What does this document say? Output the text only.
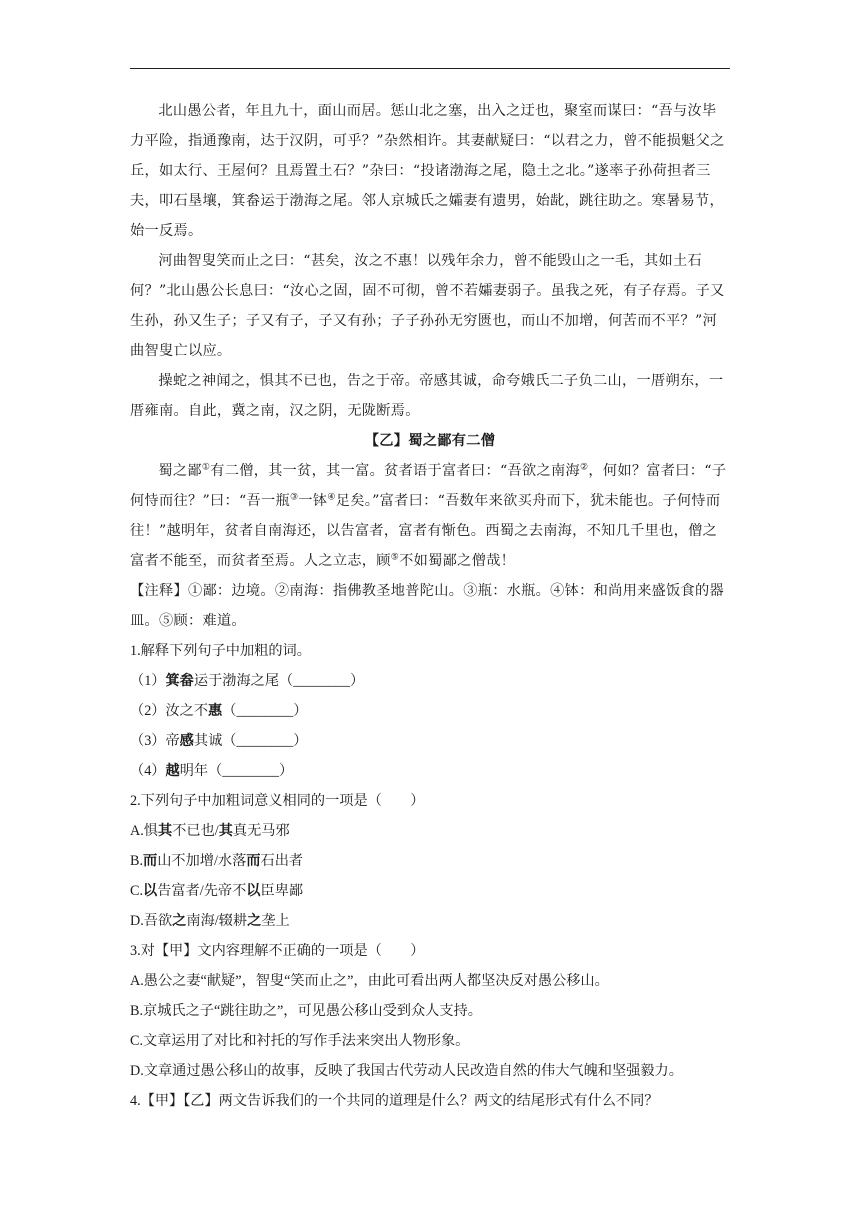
北山愚公者，年且九十，面山而居。惩山北之塞，出入之迂也，聚室而谋曰：“吾与汝毕力平险，指通豫南，达于汉阴，可乎？”杂然相许。其妻献疑曰：“以君之力，曾不能损魁父之丘，如太行、王屋何？且焉置土石？”杂曰：“投诸渤海之尾，隐土之北。”遂率子孙荷担者三夫，叩石垦壤，箕畚运于渤海之尾。邻人京城氏之孀妻有遗男，始龀，跳往助之。寒暑易节，始一反焉。

河曲智叟笑而止之曰：“甚矣，汝之不惠！以残年余力，曾不能毁山之一毛，其如土石何？”北山愚公长息曰：“汝心之固，固不可彻，曾不若孀妻弱子。虽我之死，有子存焉。子又生孙，孙又生子；子又有子，子又有孙；子子孙孙无穷匮也，而山不加增，何苦而不平？”河曲智叟亡以应。

操蛇之神闻之，惧其不已也，告之于帝。帝感其诚，命夸娥氏二子负二山，一厝朔东，一厝雍南。自此，冀之南，汉之阴，无陇断焉。

【乙】蜀之鄙有二僧

蜀之鄙①有二僧，其一贫，其一富。贫者语于富者曰：“吾欲之南海②，何如？富者曰：“子何恃而往？”曰：“吾一瓶③一钵④足矣。”富者曰：“吾数年来欲买舟而下，犹未能也。子何恃而往！”越明年，贫者自南海还，以告富者，富者有惭色。西蜀之去南海，不知几千里也，僧之富者不能至，而贫者至焉。人之立志，顾⑤不如蜀鄙之僧哉！

【注释】①鄙：边境。②南海：指佛教圣地普陀山。③瓶：水瓶。④钵：和尚用来盛饭食的器皿。⑤顾：难道。

1.解释下列句子中加粗的词。

（1）箕畚运于渤海之尾（________）

（2）汝之不惠（________）

（3）帝感其诚（________）

（4）越明年（________）

2.下列句子中加粗词意义相同的一项是（　　）

A.惧其不已也/其真无马邪

B.而山不加增/水落而石出者

C.以告富者/先帝不以臣卑鄙

D.吾欲之南海/辍耕之垄上

3.对【甲】文内容理解不正确的一项是（　　）

A.愚公之妻“献疑”，智叟“笑而止之”，由此可看出两人都坚决反对愚公移山。

B.京城氏之子“跳往助之”，可见愚公移山受到众人支持。

C.文章运用了对比和衬托的写作手法来突出人物形象。

D.文章通过愚公移山的故事，反映了我国古代劳动人民改造自然的伟大气魄和坚强毅力。

4.【甲】【乙】两文告诉我们的一个共同的道理是什么？两文的结尾形式有什么不同？
